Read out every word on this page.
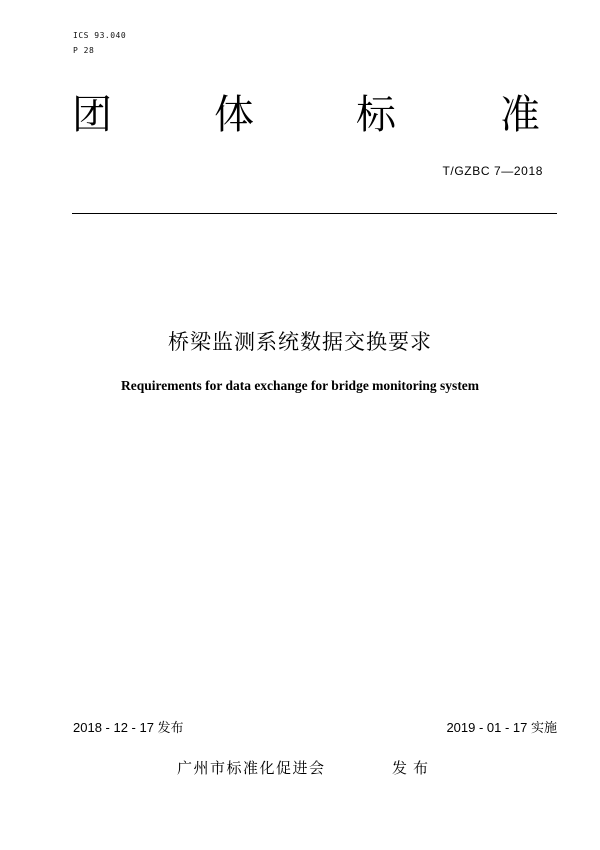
ICS 93.040
P 28
团	体	标	准
T/GZBC 7—2018
桥梁监测系统数据交换要求
Requirements for data exchange for bridge monitoring system
2018 - 12 - 17 发布	2019 - 01 - 17 实施
广州市标准化促进会	发布
